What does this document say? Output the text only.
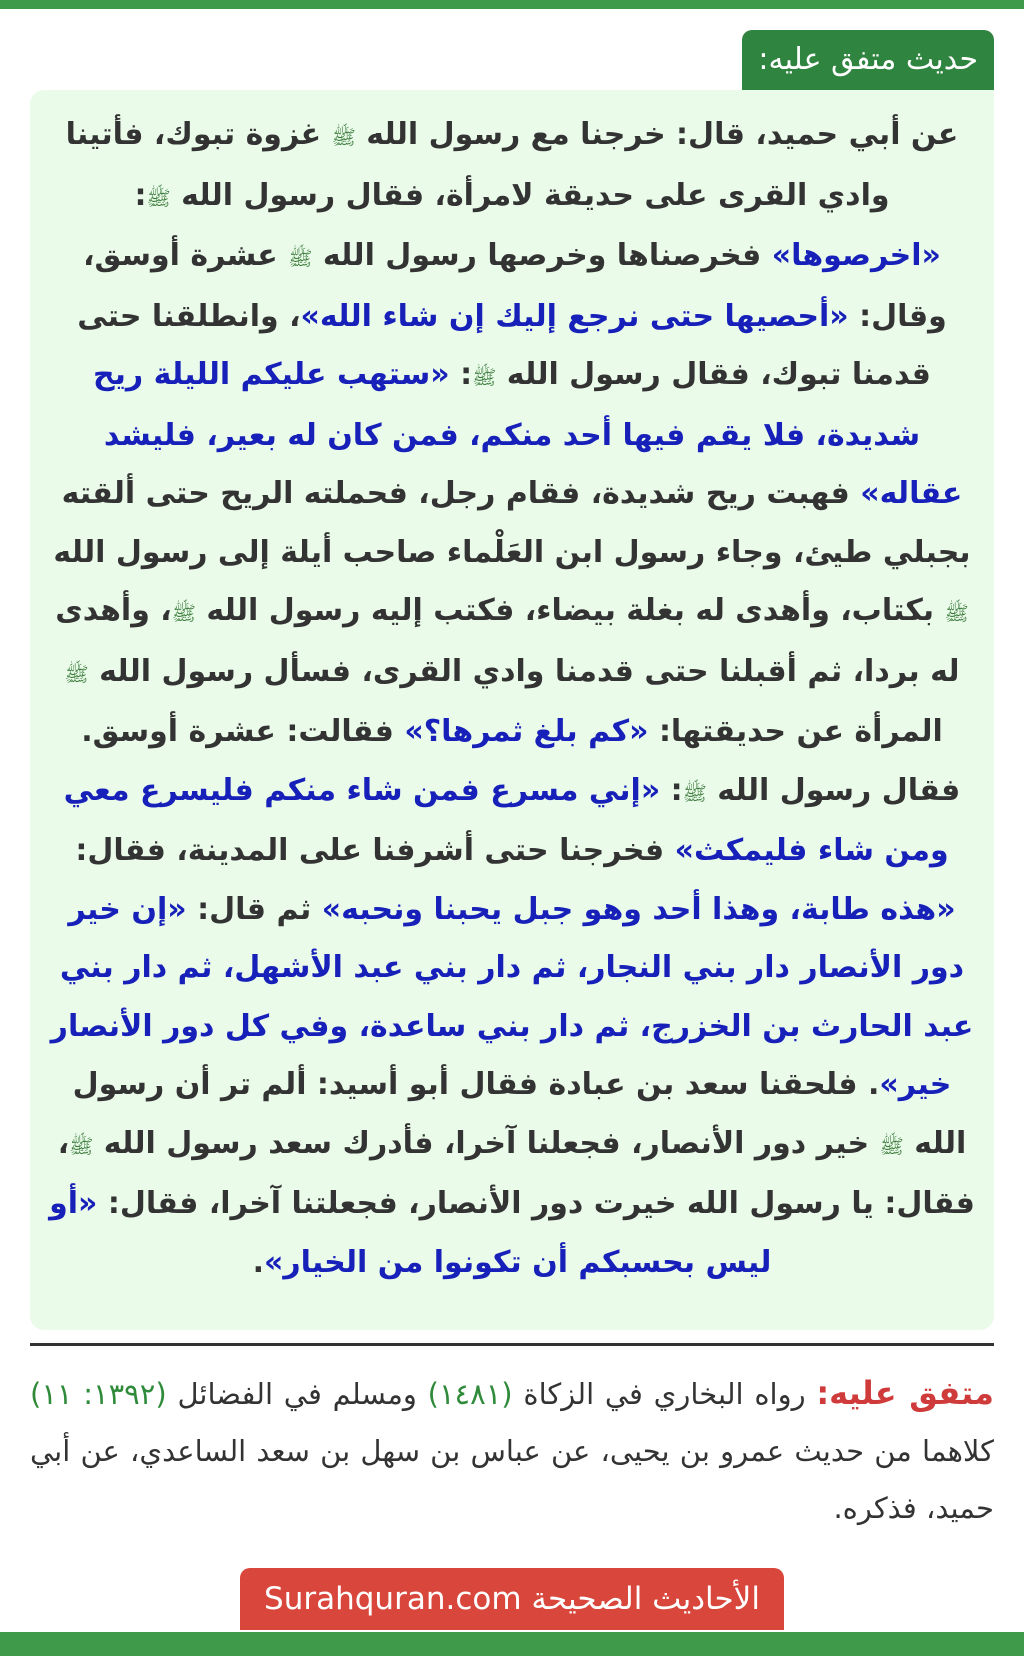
حديث متفق عليه:

عن أبي حميد، قال: خرجنا مع رسول الله ﷺ غزوة تبوك، فأتينا وادي القرى على حديقة لامرأة، فقال رسول الله ﷺ: «اخرصوها» فخرصناها وخرصها رسول الله ﷺ عشرة أوسق، وقال: «أحصيها حتى نرجع إليك إن شاء الله»، وانطلقنا حتى قدمنا تبوك، فقال رسول الله ﷺ: «ستهب عليكم الليلة ريح شديدة، فلا يقم فيها أحد منكم، فمن كان له بعير، فليشد عقاله» فهبت ريح شديدة، فقام رجل، فحملته الريح حتى ألقته بجبلي طيئ، وجاء رسول ابن العَلْماء صاحب أيلة إلى رسول الله ﷺ بكتاب، وأهدى له بغلة بيضاء، فكتب إليه رسول الله ﷺ، وأهدى له بردا، ثم أقبلنا حتى قدمنا وادي القرى، فسأل رسول الله ﷺ المرأة عن حديقتها: «كم بلغ ثمرها؟» فقالت: عشرة أوسق. فقال رسول الله ﷺ: «إني مسرع فمن شاء منكم فليسرع معي ومن شاء فليمكث» فخرجنا حتى أشرفنا على المدينة، فقال: «هذه طابة، وهذا أحد وهو جبل يحبنا ونحبه» ثم قال: «إن خير دور الأنصار دار بني النجار، ثم دار بني عبد الأشهل، ثم دار بني عبد الحارث بن الخزرج، ثم دار بني ساعدة، وفي كل دور الأنصار خير». فلحقنا سعد بن عبادة فقال أبو أسيد: ألم تر أن رسول الله ﷺ خير دور الأنصار، فجعلنا آخرا، فأدرك سعد رسول الله ﷺ، فقال: يا رسول الله خيرت دور الأنصار، فجعلتنا آخرا، فقال: «أو ليس بحسبكم أن تكونوا من الخيار».

متفق عليه: رواه البخاري في الزكاة (١٤٨١) ومسلم في الفضائل (١٣٩٢: ١١) كلاهما من حديث عمرو بن يحيى، عن عباس بن سهل بن سعد الساعدي، عن أبي حميد، فذكره.

الأحاديث الصحيحة Surahquran.com
